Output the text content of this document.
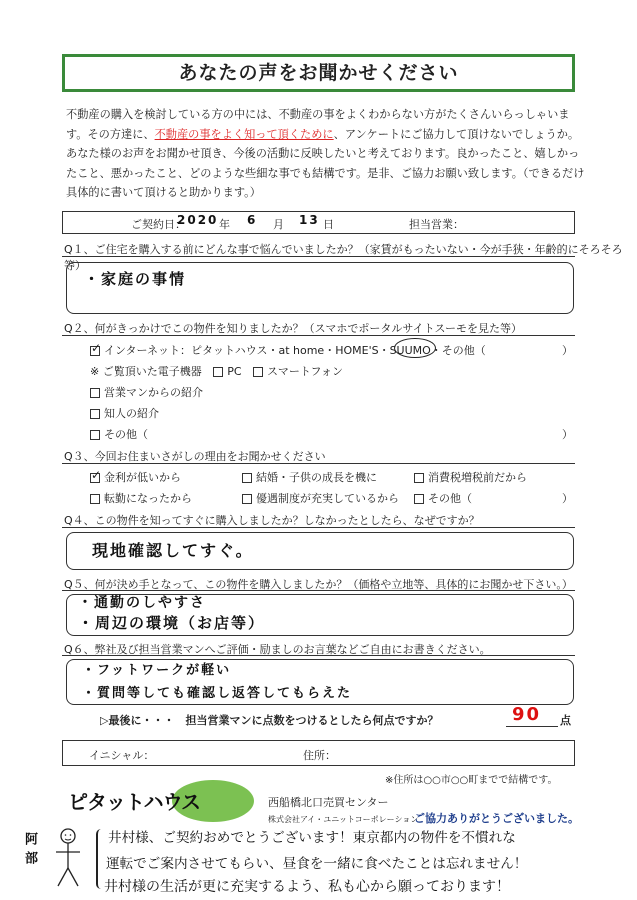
あなたの声をお聞かせください
不動産の購入を検討している方の中には、不動産の事をよくわからない方がたくさんいらっしゃいます。その方達に、不動産の事をよく知って頂くために、アンケートにご協力して頂けないでしょうか。あなた様のお声をお聞かせ頂き、今後の活動に反映したいと考えております。良かったこと、嬉しかったこと、悪かったこと、どのような些細な事でも結構です。是非、ご協力お願い致します。（できるだけ具体的に書いて頂けると助かります。）
ご契約日：
2020 年 6 月 13 日	担当営業：
Q１、ご住宅を購入する前にどんな事で悩んでいましたか？（家賃がもったいない・今が手狭・年齢的にそろそろ等）
・家庭の事情
Q２、何がきっかけでこの物件を知りましたか？（スマホでポータルサイトスーモを見た等）
✓ インターネット：ピタットハウス・at home・HOME'S・SUUMO・その他（	）
※ ご覧頂いた電子機器 PC スマートフォン
営業マンからの紹介
知人の紹介
その他（	）
Q３、今回お住まいさがしの理由をお聞かせください
✓ 金利が低いから	結婚・子供の成長を機に	消費税増税前だから
転勤になったから	優遇制度が充実しているから	その他（	）
Q４、この物件を知ってすぐに購入しましたか？しなかったとしたら、なぜですか？
現地確認してすぐ。
Q５、何が決め手となって、この物件を購入しましたか？（価格や立地等、具体的にお聞かせ下さい。）
・通勤のしやすさ
・周辺の環境（お店等）
Q６、弊社及び担当営業マンへご評価・励ましのお言葉などご自由にお書きください。
・フットワークが軽い
・質問等しても確認し返答してもらえた
▷最後に・・・　担当営業マンに点数をつけるとしたら何点ですか？	90 点
イニシャル：	住所：
※住所は○○市○○町までで結構です。
ピタットハウス	西船橋北口売買センター
株式会社アイ・ユニットコーポレーション
ご協力ありがとうございました。
阿部	井村様、ご契約おめでとうございます！東京都内の物件を不慣れな
運転でご案内させてもらい、昼食を一緒に食べたことは忘れません！
井村様の生活が更に充実するよう、私も心から願っております！
